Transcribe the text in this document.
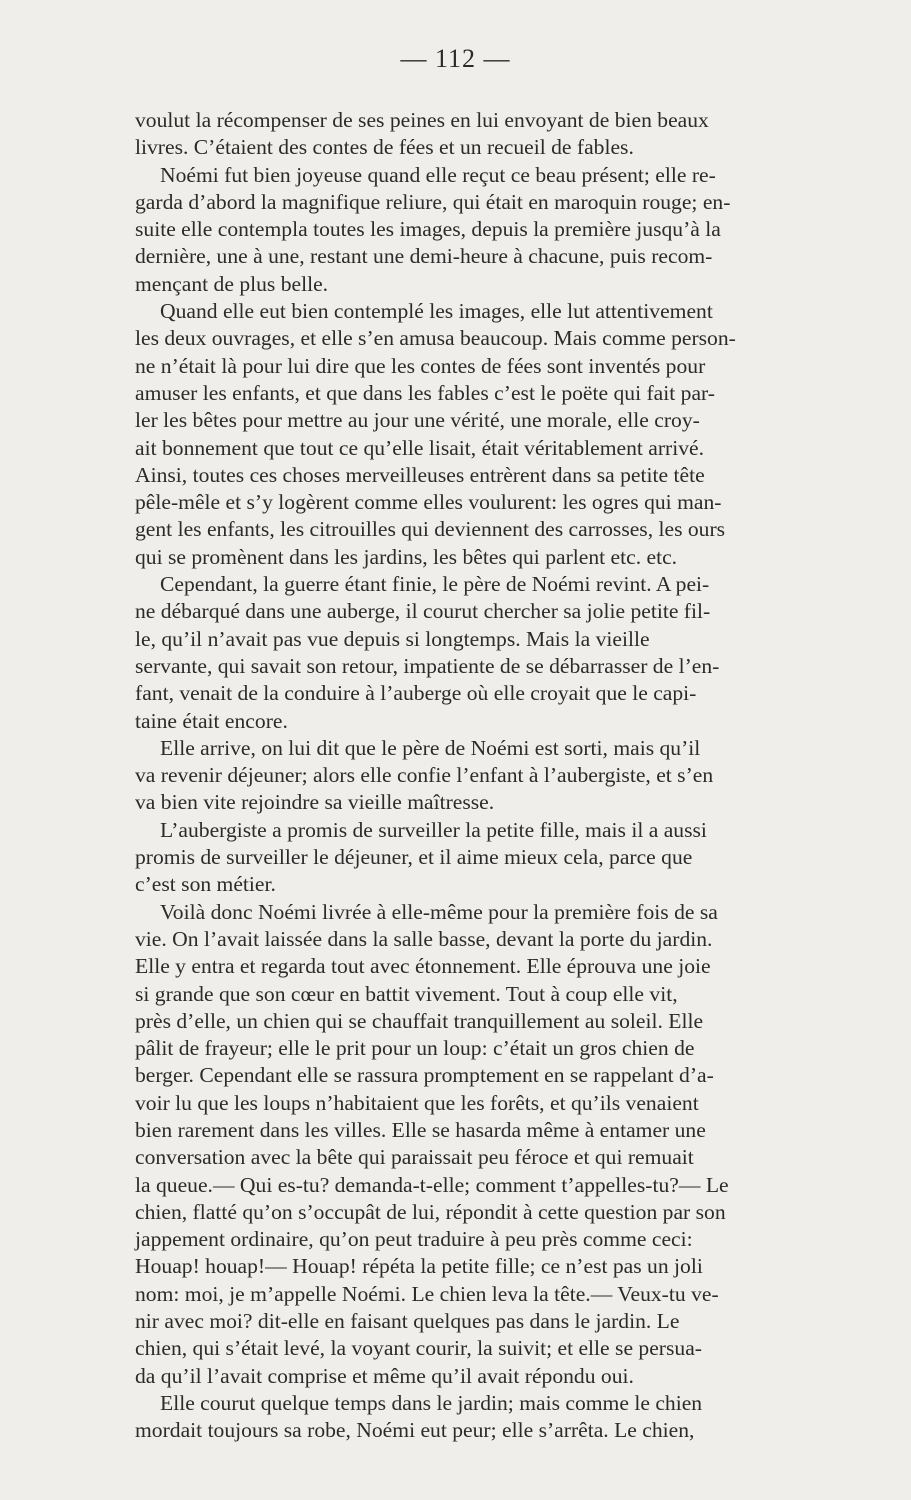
— 112 —
voulut la récompenser de ses peines en lui envoyant de bien beaux
livres. C’étaient des contes de fées et un recueil de fables.
Noémi fut bien joyeuse quand elle reçut ce beau présent; elle re-
garda d’abord la magnifique reliure, qui était en maroquin rouge; en-
suite elle contempla toutes les images, depuis la première jusqu’à la
dernière, une à une, restant une demi-heure à chacune, puis recom-
mençant de plus belle.
Quand elle eut bien contemplé les images, elle lut attentivement
les deux ouvrages, et elle s’en amusa beaucoup. Mais comme person-
ne n’était là pour lui dire que les contes de fées sont inventés pour
amuser les enfants, et que dans les fables c’est le poëte qui fait par-
ler les bêtes pour mettre au jour une vérité, une morale, elle croy-
ait bonnement que tout ce qu’elle lisait, était véritablement arrivé.
Ainsi, toutes ces choses merveilleuses entrèrent dans sa petite tête
pêle-mêle et s’y logèrent comme elles voulurent: les ogres qui man-
gent les enfants, les citrouilles qui deviennent des carrosses, les ours
qui se promènent dans les jardins, les bêtes qui parlent etc. etc.
Cependant, la guerre étant finie, le père de Noémi revint. A pei-
ne débarqué dans une auberge, il courut chercher sa jolie petite fil-
le, qu’il n’avait pas vue depuis si longtemps. Mais la vieille
servante, qui savait son retour, impatiente de se débarrasser de l’en-
fant, venait de la conduire à l’auberge où elle croyait que le capi-
taine était encore.
Elle arrive, on lui dit que le père de Noémi est sorti, mais qu’il
va revenir déjeuner; alors elle confie l’enfant à l’aubergiste, et s’en
va bien vite rejoindre sa vieille maîtresse.
L’aubergiste a promis de surveiller la petite fille, mais il a aussi
promis de surveiller le déjeuner, et il aime mieux cela, parce que
c’est son métier.
Voilà donc Noémi livrée à elle-même pour la première fois de sa
vie. On l’avait laissée dans la salle basse, devant la porte du jardin.
Elle y entra et regarda tout avec étonnement. Elle éprouva une joie
si grande que son cœur en battit vivement. Tout à coup elle vit,
près d’elle, un chien qui se chauffait tranquillement au soleil. Elle
pâlit de frayeur; elle le prit pour un loup: c’était un gros chien de
berger. Cependant elle se rassura promptement en se rappelant d’a-
voir lu que les loups n’habitaient que les forêts, et qu’ils venaient
bien rarement dans les villes. Elle se hasarda même à entamer une
conversation avec la bête qui paraissait peu féroce et qui remuait
la queue.— Qui es-tu? demanda-t-elle; comment t’appelles-tu?— Le
chien, flatté qu’on s’occupât de lui, répondit à cette question par son
jappement ordinaire, qu’on peut traduire à peu près comme ceci:
Houap! houap!— Houap! répéta la petite fille; ce n’est pas un joli
nom: moi, je m’appelle Noémi. Le chien leva la tête.— Veux-tu ve-
nir avec moi? dit-elle en faisant quelques pas dans le jardin. Le
chien, qui s’était levé, la voyant courir, la suivit; et elle se persua-
da qu’il l’avait comprise et même qu’il avait répondu oui.
Elle courut quelque temps dans le jardin; mais comme le chien
mordait toujours sa robe, Noémi eut peur; elle s’arrêta. Le chien,
